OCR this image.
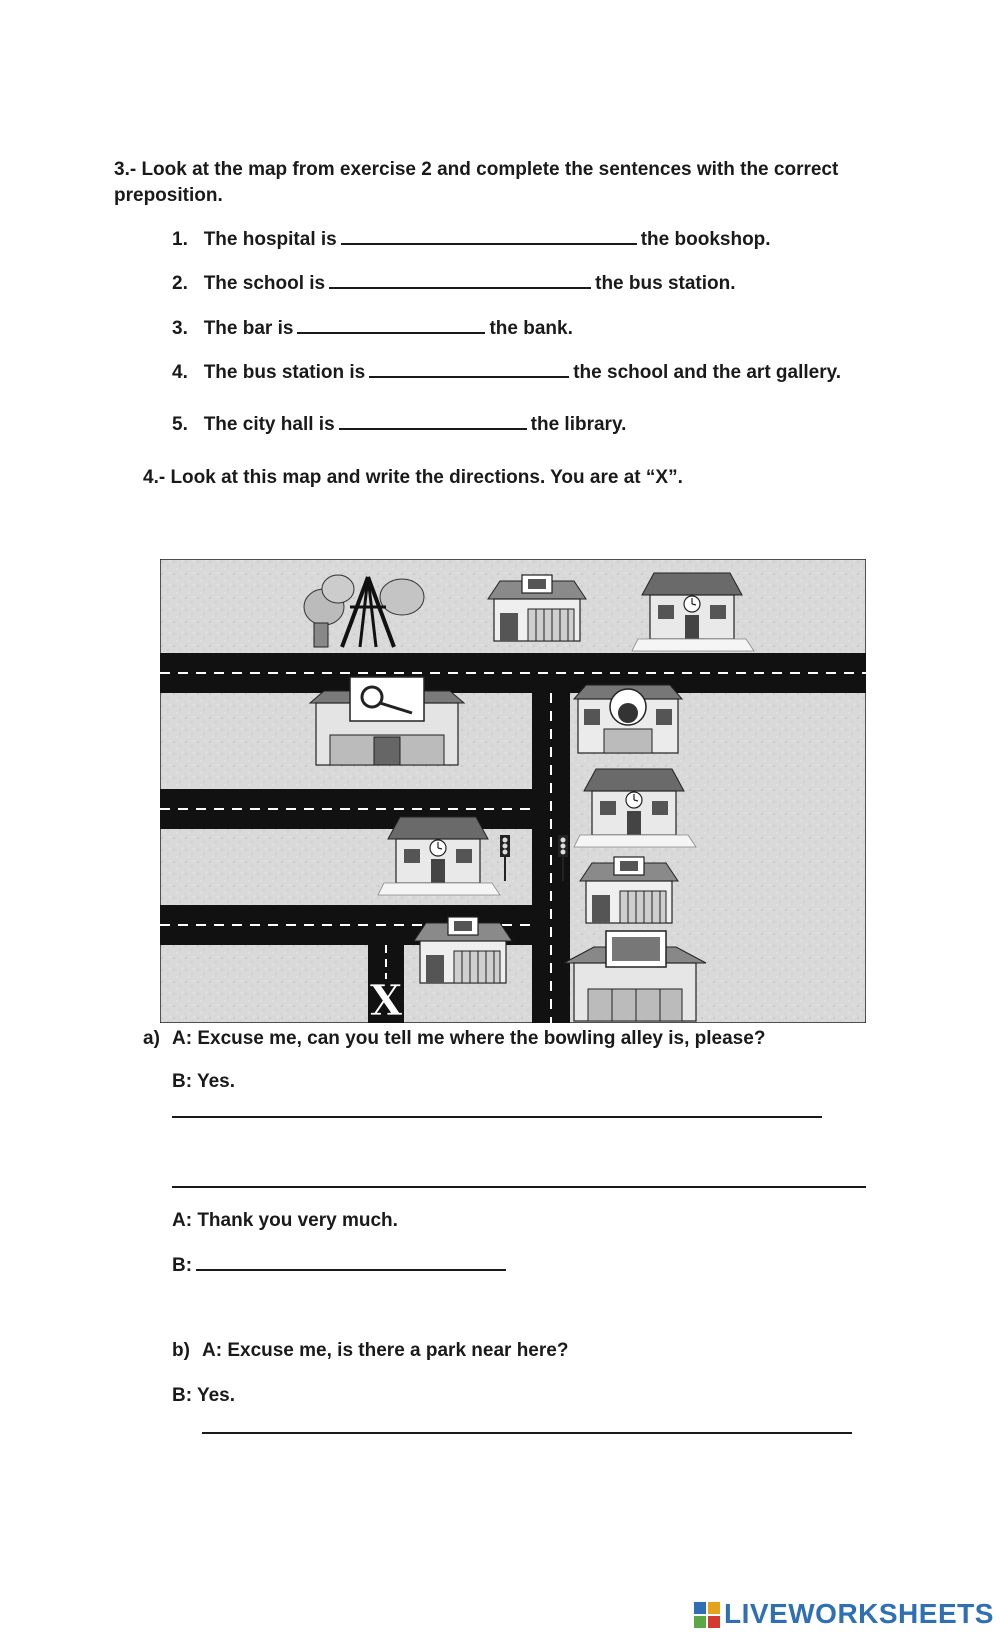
3.- Look at the map from exercise 2 and complete the sentences with the correct
preposition.
1. The hospital is	the bookshop.
2. The school is	the bus station.
3. The bar is	the bank.
4. The bus station is	the school and the art gallery.
5. The city hall is	the library.
4.- Look at this map and write the directions. You are at “X”.
X
a) A: Excuse me, can you tell me where the bowling alley is, please?
B: Yes.
A: Thank you very much.
B:
b) A: Excuse me, is there a park near here?
B: Yes.
LIVEWORKSHEETS
